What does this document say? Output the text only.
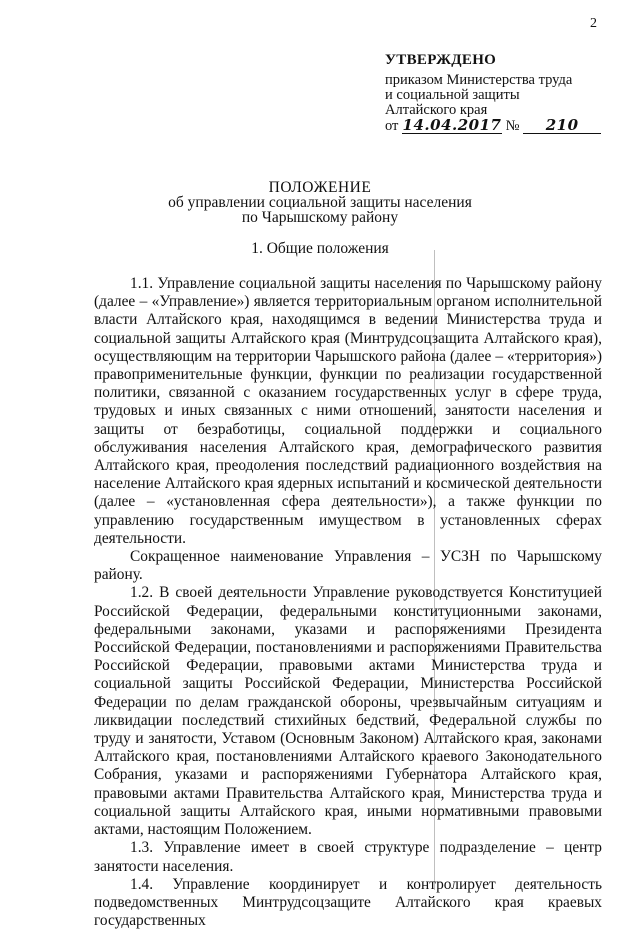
2
УТВЕРЖДЕНО
приказом Министерства труда
и социальной защиты
Алтайского края
от 14.04.2017 № 210
ПОЛОЖЕНИЕ
об управлении социальной защиты населения
по Чарышскому району
1. Общие положения

1.1. Управление социальной защиты населения по Чарышскому району (далее – «Управление») является территориальным органом исполнительной власти Алтайского края, находящимся в ведении Министерства труда и социальной защиты Алтайского края (Минтрудсоцзащита Алтайского края), осуществляющим на территории Чарышского района (далее – «территория») правоприменительные функции, функции по реализации государственной политики, связанной с оказанием государственных услуг в сфере труда, трудовых и иных связанных с ними отношений, занятости населения и защиты от безработицы, социальной поддержки и социального обслуживания населения Алтайского края, демографического развития Алтайского края, преодоления последствий радиационного воздействия на население Алтайского края ядерных испытаний и космической деятельности (далее – «установленная сфера деятельности»), а также функции по управлению государственным имуществом в установленных сферах деятельности.

Сокращенное наименование Управления – УСЗН по Чарышскому району.

1.2. В своей деятельности Управление руководствуется Конституцией Российской Федерации, федеральными конституционными законами, федеральными законами, указами и распоряжениями Президента Российской Федерации, постановлениями и распоряжениями Правительства Российской Федерации, правовыми актами Министерства труда и социальной защиты Российской Федерации, Министерства Российской Федерации по делам гражданской обороны, чрезвычайным ситуациям и ликвидации последствий стихийных бедствий, Федеральной службы по труду и занятости, Уставом (Основным Законом) Алтайского края, законами Алтайского края, постановлениями Алтайского краевого Законодательного Собрания, указами и распоряжениями Губернатора Алтайского края, правовыми актами Правительства Алтайского края, Министерства труда и социальной защиты Алтайского края, иными нормативными правовыми актами, настоящим Положением.

1.3. Управление имеет в своей структуре подразделение – центр занятости населения.

1.4. Управление координирует и контролирует деятельность подведомственных Минтрудсоцзащите Алтайского края краевых государственных
